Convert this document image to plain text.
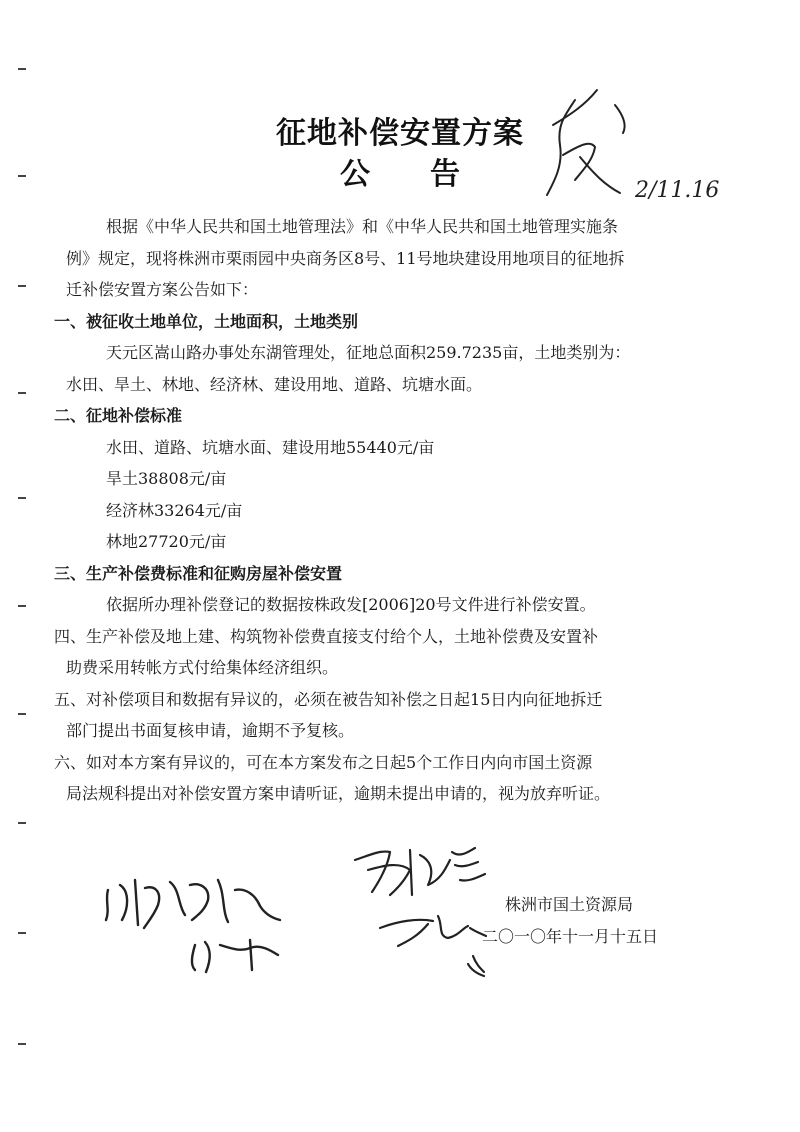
征地补偿安置方案
公 告

根据《中华人民共和国土地管理法》和《中华人民共和国土地管理实施条

例》规定，现将株洲市栗雨园中央商务区8号、11号地块建设用地项目的征地拆

迁补偿安置方案公告如下：

一、被征收土地单位，土地面积，土地类别

天元区嵩山路办事处东湖管理处，征地总面积259.7235亩，土地类别为：

水田、旱土、林地、经济林、建设用地、道路、坑塘水面。

二、征地补偿标准

水田、道路、坑塘水面、建设用地55440元/亩

旱土38808元/亩

经济林33264元/亩

林地27720元/亩

三、生产补偿费标准和征购房屋补偿安置

依据所办理补偿登记的数据按株政发[2006]20号文件进行补偿安置。

四、生产补偿及地上建、构筑物补偿费直接支付给个人，土地补偿费及安置补

助费采用转帐方式付给集体经济组织。

五、对补偿项目和数据有异议的，必须在被告知补偿之日起15日内向征地拆迁

部门提出书面复核申请，逾期不予复核。

六、如对本方案有异议的，可在本方案发布之日起5个工作日内向市国土资源

局法规科提出对补偿安置方案申请听证，逾期未提出申请的，视为放弃听证。

株洲市国土资源局
二〇一〇年十一月十五日
2/11.16
